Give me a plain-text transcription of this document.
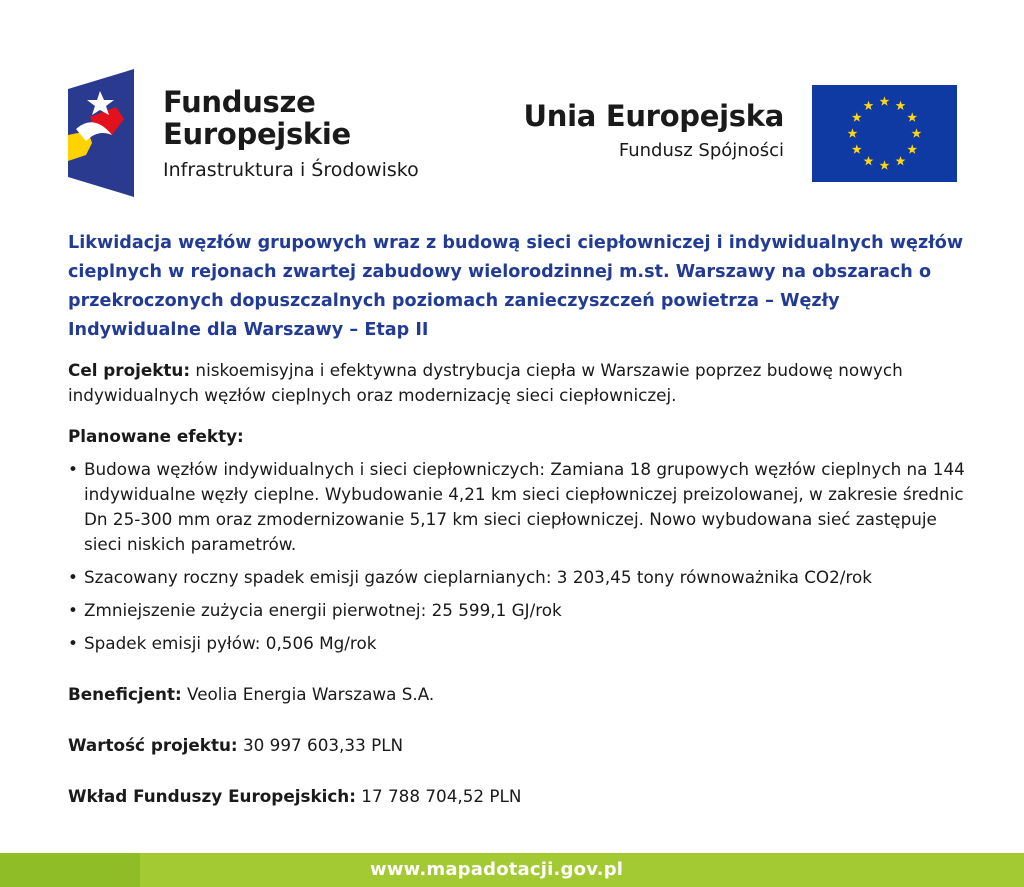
Fundusze
Europejskie
Infrastruktura i Środowisko
Unia Europejska
Fundusz Spójności
Likwidacja węzłów grupowych wraz z budową sieci ciepłowniczej i indywidualnych węzłów cieplnych w rejonach zwartej zabudowy wielorodzinnej m.st. Warszawy na obszarach o przekroczonych dopuszczalnych poziomach zanieczyszczeń powietrza – Węzły Indywidualne dla Warszawy – Etap II

Cel projektu: niskoemisyjna i efektywna dystrybucja ciepła w Warszawie poprzez budowę nowych indywidualnych węzłów cieplnych oraz modernizację sieci ciepłowniczej.

Planowane efekty:

• Budowa węzłów indywidualnych i sieci ciepłowniczych: Zamiana 18 grupowych węzłów cieplnych na 144 indywidualne węzły cieplne. Wybudowanie 4,21 km sieci ciepłowniczej preizolowanej, w zakresie średnic Dn 25-300 mm oraz zmodernizowanie 5,17 km sieci ciepłowniczej. Nowo wybudowana sieć zastępuje sieci niskich parametrów.
• Szacowany roczny spadek emisji gazów cieplarnianych: 3 203,45 tony równoważnika CO2/rok
• Zmniejszenie zużycia energii pierwotnej: 25 599,1 GJ/rok
• Spadek emisji pyłów: 0,506 Mg/rok

Beneficjent: Veolia Energia Warszawa S.A.

Wartość projektu: 30 997 603,33 PLN

Wkład Funduszy Europejskich: 17 788 704,52 PLN

www.mapadotacji.gov.pl
